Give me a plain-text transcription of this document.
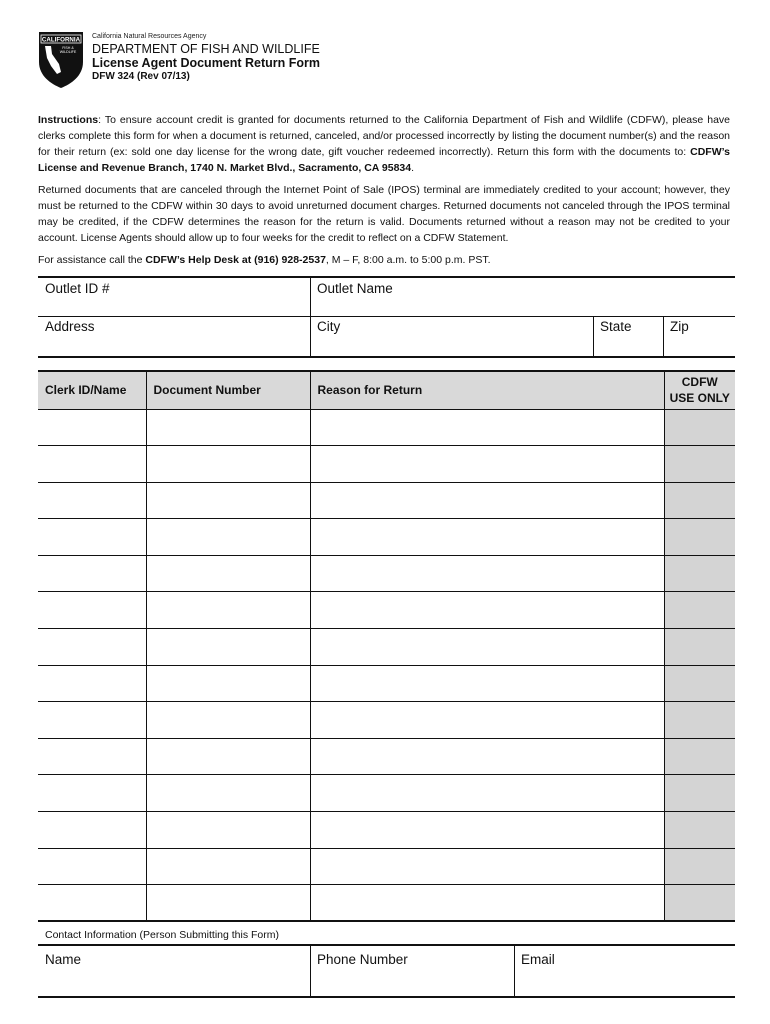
CALIFORNIA
FISH &
WILDLIFE
California Natural Resources Agency
DEPARTMENT OF FISH AND WILDLIFE
License Agent Document Return Form
DFW 324 (Rev 07/13)
Instructions: To ensure account credit is granted for documents returned to the California Department of Fish and Wildlife (CDFW), please have clerks complete this form for when a document is returned, canceled, and/or processed incorrectly by listing the document number(s) and the reason for their return (ex: sold one day license for the wrong date, gift voucher redeemed incorrectly). Return this form with the documents to: CDFW’s License and Revenue Branch, 1740 N. Market Blvd., Sacramento, CA 95834.
Returned documents that are canceled through the Internet Point of Sale (IPOS) terminal are immediately credited to your account; however, they must be returned to the CDFW within 30 days to avoid unreturned document charges. Returned documents not canceled through the IPOS terminal may be credited, if the CDFW determines the reason for the return is valid. Documents returned without a reason may not be credited to your account. License Agents should allow up to four weeks for the credit to reflect on a CDFW Statement.
For assistance call the CDFW’s Help Desk at (916) 928-2537, M – F, 8:00 a.m. to 5:00 p.m. PST.
Outlet ID #	Outlet Name
Address	City	State	Zip
Clerk ID/Name	Document Number	Reason for Return	CDFW
USE ONLY

Contact Information (Person Submitting this Form)
Name	Phone Number	Email
